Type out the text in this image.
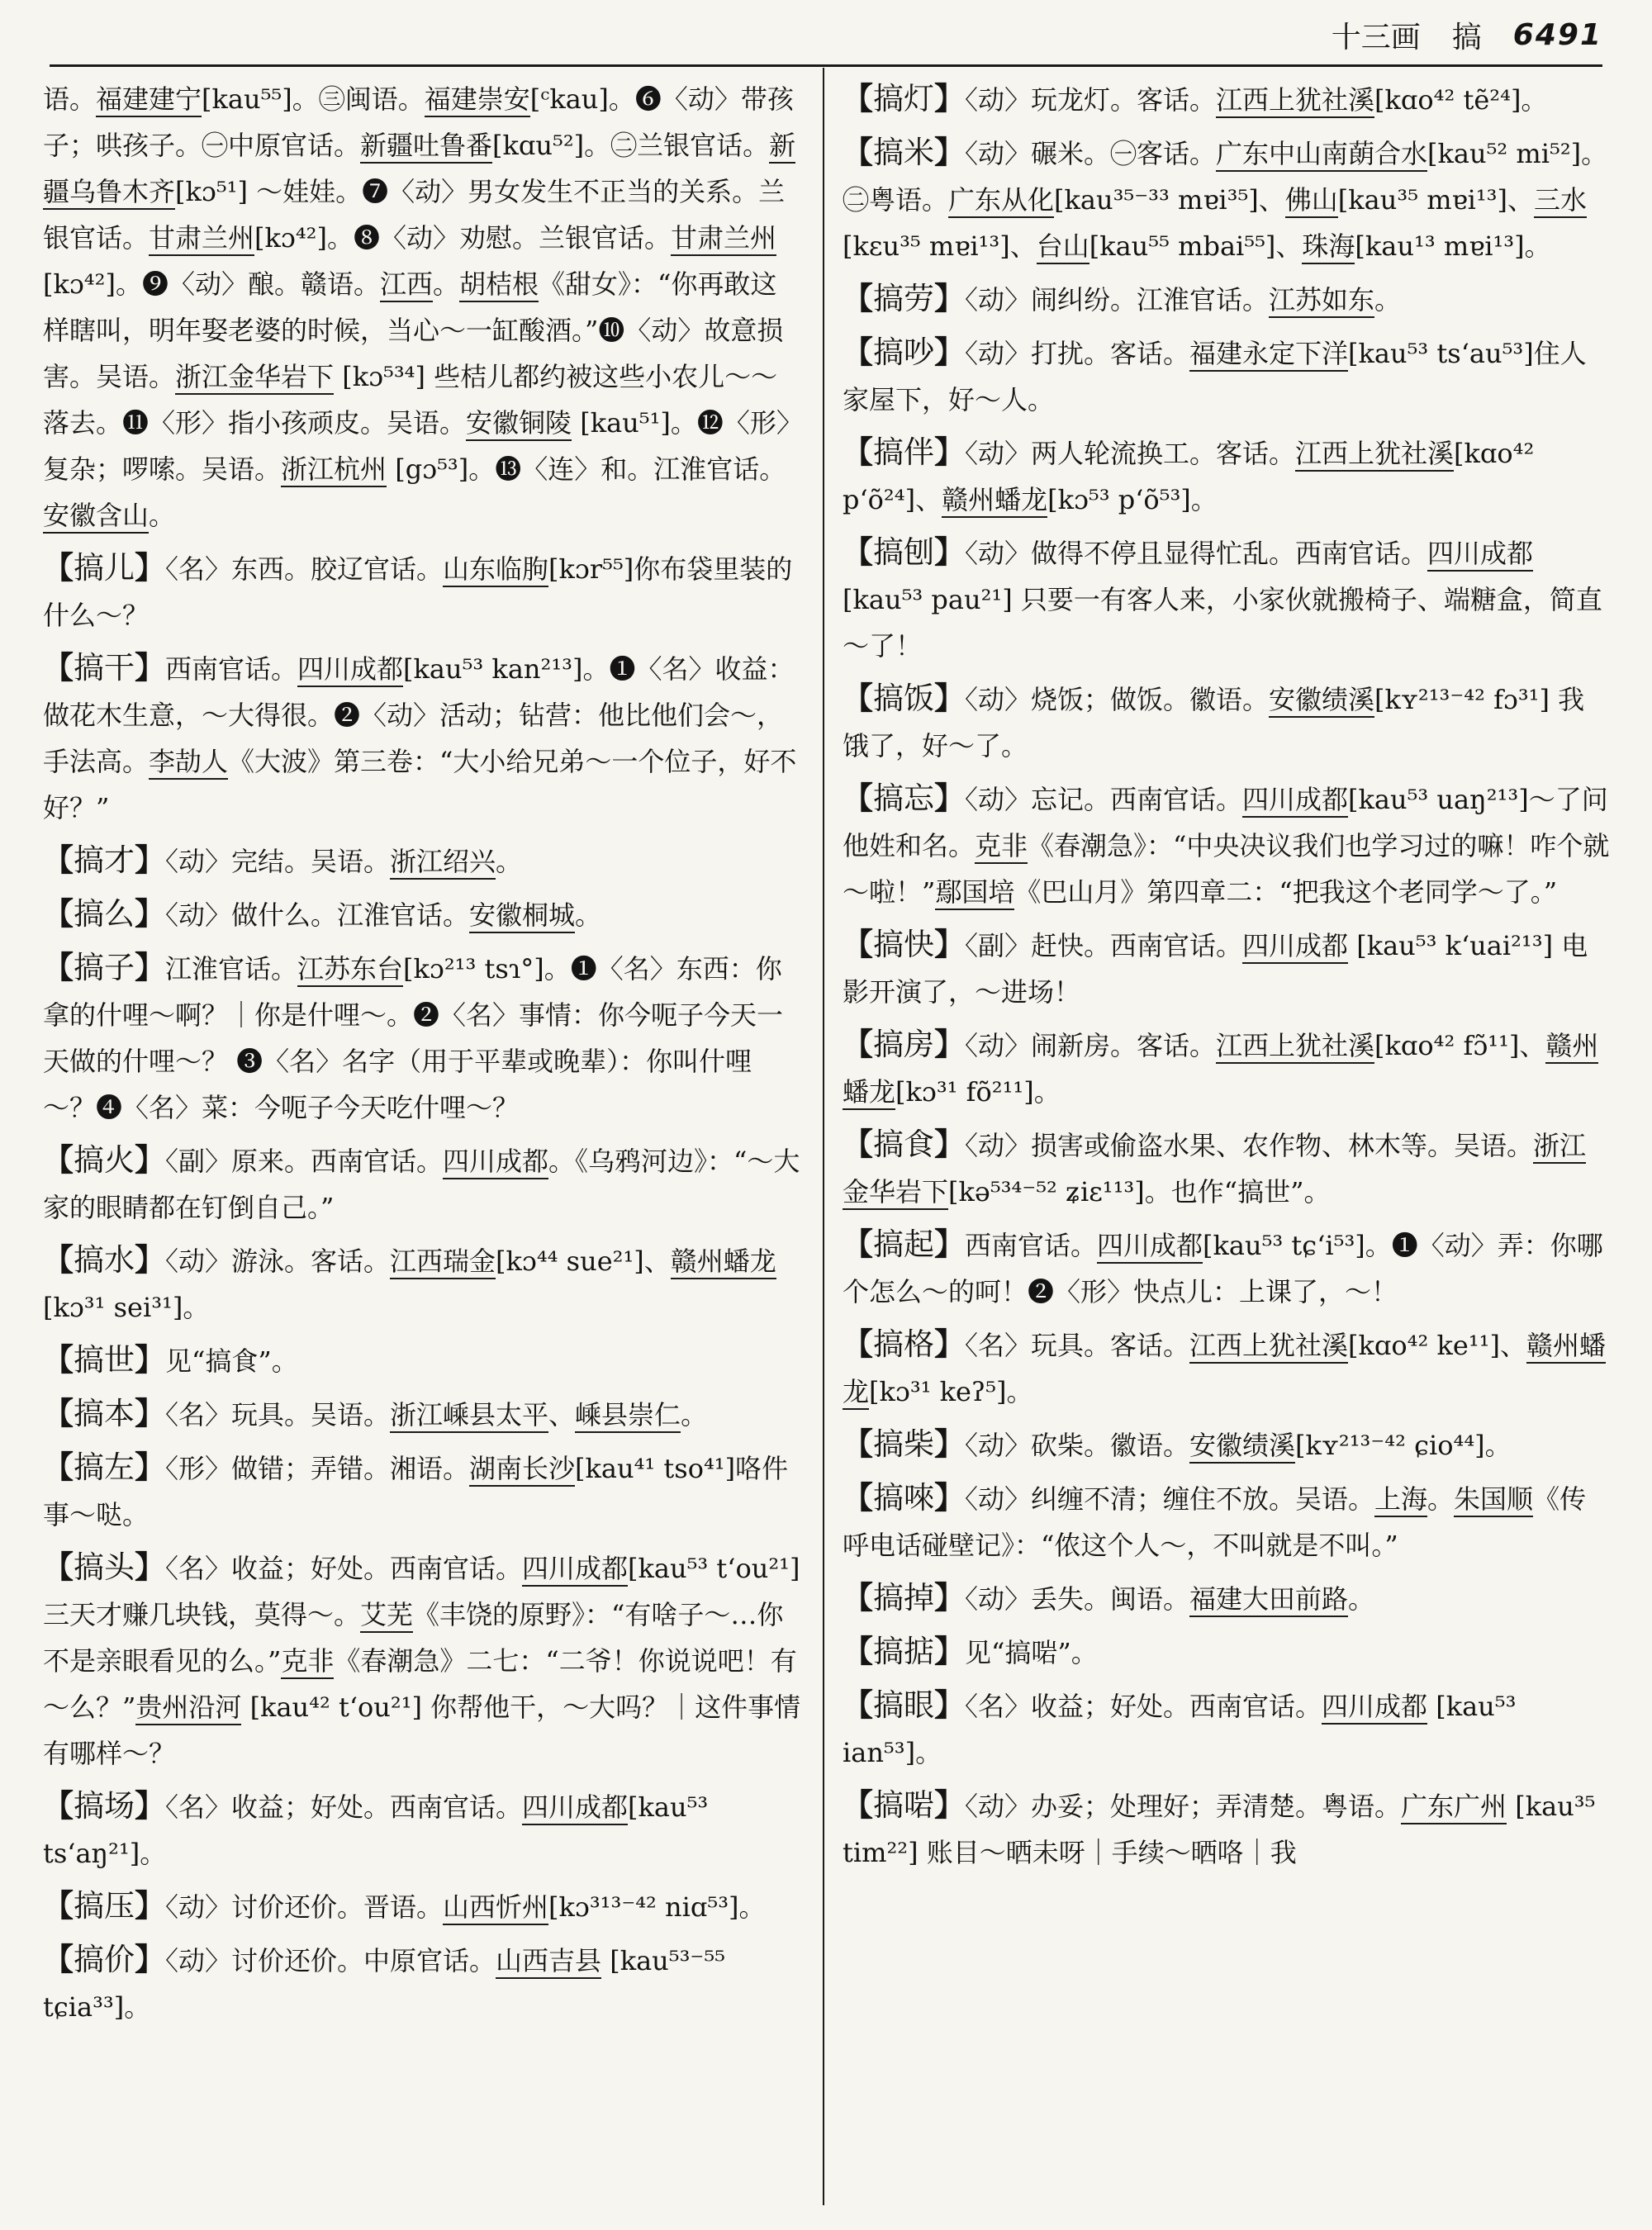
十三画 搞 6491

语。福建建宁[kau⁵⁵]。㊂闽语。福建崇安[ᶜkau]。❻〈动〉带孩子；哄孩子。㊀中原官话。新疆吐鲁番[kɑu⁵²]。㊁兰银官话。新疆乌鲁木齐[kɔ⁵¹] ～娃娃。❼〈动〉男女发生不正当的关系。兰银官话。甘肃兰州[kɔ⁴²]。❽〈动〉劝慰。兰银官话。甘肃兰州[kɔ⁴²]。❾〈动〉酿。赣语。江西。胡桔根《甜女》：“你再敢这样瞎叫，明年娶老婆的时候，当心～一缸酸酒。”❿〈动〉故意损害。吴语。浙江金华岩下 [kɔ⁵³⁴] 些桔儿都约被这些小农儿～～落去。⓫〈形〉指小孩顽皮。吴语。安徽铜陵 [kau⁵¹]。⓬〈形〉复杂；啰嗦。吴语。浙江杭州 [gɔ⁵³]。⓭〈连〉和。江淮官话。安徽含山。

【搞儿】〈名〉东西。胶辽官话。山东临朐[kɔr⁵⁵]你布袋里装的什么～？

【搞干】西南官话。四川成都[kau⁵³ kan²¹³]。❶〈名〉收益：做花木生意，～大得很。❷〈动〉活动；钻营：他比他们会～，手法高。李劼人《大波》第三卷：“大小给兄弟～一个位子，好不好？”

【搞才】〈动〉完结。吴语。浙江绍兴。

【搞么】〈动〉做什么。江淮官话。安徽桐城。

【搞子】江淮官话。江苏东台[kɔ²¹³ tsɿ°]。❶〈名〉东西：你拿的什哩～啊？｜你是什哩～。❷〈名〉事情：你今呃子今天一天做的什哩～？ ❸〈名〉名字（用于平辈或晚辈）：你叫什哩～？❹〈名〉菜：今呃子今天吃什哩～？

【搞火】〈副〉原来。西南官话。四川成都。《乌鸦河边》：“～大家的眼睛都在钉倒自己。”

【搞水】〈动〉游泳。客话。江西瑞金[kɔ⁴⁴ sue²¹]、赣州蟠龙[kɔ³¹ sei³¹]。

【搞世】见“搞食”。

【搞本】〈名〉玩具。吴语。浙江嵊县太平、嵊县崇仁。

【搞左】〈形〉做错；弄错。湘语。湖南长沙[kau⁴¹ tso⁴¹]咯件事～哒。

【搞头】〈名〉收益；好处。西南官话。四川成都[kau⁵³ t‘ou²¹]三天才赚几块钱，莫得～。艾芜《丰饶的原野》：“有啥子～…你不是亲眼看见的么。”克非《春潮急》二七：“二爷！你说说吧！有～么？”贵州沿河 [kau⁴² t‘ou²¹] 你帮他干，～大吗？｜这件事情有哪样～？

【搞场】〈名〉收益；好处。西南官话。四川成都[kau⁵³ ts‘aŋ²¹]。

【搞压】〈动〉讨价还价。晋语。山西忻州[kɔ³¹³⁻⁴² niɑ⁵³]。

【搞价】〈动〉讨价还价。中原官话。山西吉县 [kau⁵³⁻⁵⁵ tɕia³³]。

【搞灯】〈动〉玩龙灯。客话。江西上犹社溪[kɑo⁴² tẽ²⁴]。

【搞米】〈动〉碾米。㊀客话。广东中山南蓢合水[kau⁵² mi⁵²]。㊁粤语。广东从化[kau³⁵⁻³³ mɐi³⁵]、佛山[kau³⁵ mɐi¹³]、三水[kɛu³⁵ mɐi¹³]、台山[kau⁵⁵ mbai⁵⁵]、珠海[kau¹³ mɐi¹³]。

【搞劳】〈动〉闹纠纷。江淮官话。江苏如东。

【搞吵】〈动〉打扰。客话。福建永定下洋[kau⁵³ ts‘au⁵³]住人家屋下，好～人。

【搞伴】〈动〉两人轮流换工。客话。江西上犹社溪[kɑo⁴² p‘õ²⁴]、赣州蟠龙[kɔ⁵³ p‘õ⁵³]。

【搞刨】〈动〉做得不停且显得忙乱。西南官话。四川成都[kau⁵³ pau²¹] 只要一有客人来，小家伙就搬椅子、端糖盒，简直～了！

【搞饭】〈动〉烧饭；做饭。徽语。安徽绩溪[kʏ²¹³⁻⁴² fɔ³¹] 我饿了，好～了。

【搞忘】〈动〉忘记。西南官话。四川成都[kau⁵³ uaŋ²¹³]～了问他姓和名。克非《春潮急》：“中央决议我们也学习过的嘛！咋个就～啦！”鄢国培《巴山月》第四章二：“把我这个老同学～了。”

【搞快】〈副〉赶快。西南官话。四川成都 [kau⁵³ k‘uai²¹³] 电影开演了，～进场！

【搞房】〈动〉闹新房。客话。江西上犹社溪[kɑo⁴² fɔ̃¹¹]、赣州蟠龙[kɔ³¹ fõ²¹¹]。

【搞食】〈动〉损害或偷盗水果、农作物、林木等。吴语。浙江金华岩下[kə⁵³⁴⁻⁵² ʑiɛ¹¹³]。也作“搞世”。

【搞起】西南官话。四川成都[kau⁵³ tɕ‘i⁵³]。❶〈动〉弄：你哪个怎么～的呵！❷〈形〉快点儿：上课了，～！

【搞格】〈名〉玩具。客话。江西上犹社溪[kɑo⁴² ke¹¹]、赣州蟠龙[kɔ³¹ keʔ⁵]。

【搞柴】〈动〉砍柴。徽语。安徽绩溪[kʏ²¹³⁻⁴² ɕio⁴⁴]。

【搞唻】〈动〉纠缠不清；缠住不放。吴语。上海。朱国顺《传呼电话碰壁记》：“侬这个人～，不叫就是不叫。”

【搞掉】〈动〉丢失。闽语。福建大田前路。

【搞掂】见“搞啱”。

【搞眼】〈名〉收益；好处。西南官话。四川成都 [kau⁵³ ian⁵³]。

【搞啱】〈动〉办妥；处理好；弄清楚。粤语。广东广州 [kau³⁵ tim²²] 账目～晒未呀｜手续～晒咯｜我
